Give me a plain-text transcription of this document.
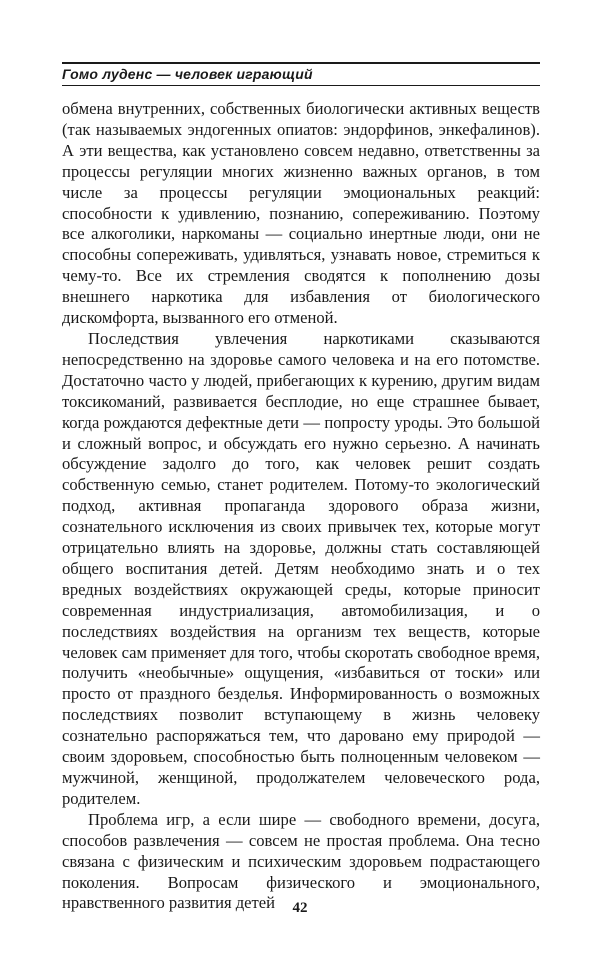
Гомо луденс — человек играющий

обмена внутренних, собственных биологически активных веществ (так называемых эндогенных опиатов: эндорфинов, энкефалинов). А эти вещества, как установлено совсем недавно, ответственны за процессы регуляции многих жизненно важных органов, в том числе за процессы регуляции эмоциональных реакций: способности к удивлению, познанию, сопереживанию. Поэтому все алкоголики, наркоманы — социально инертные люди, они не способны сопереживать, удивляться, узнавать новое, стремиться к чему-то. Все их стремления сводятся к пополнению дозы внешнего наркотика для избавления от биологического дискомфорта, вызванного его отменой.

Последствия увлечения наркотиками сказываются непосредственно на здоровье самого человека и на его потомстве. Достаточно часто у людей, прибегающих к курению, другим видам токсикоманий, развивается бесплодие, но еще страшнее бывает, когда рождаются дефектные дети — попросту уроды. Это большой и сложный вопрос, и обсуждать его нужно серьезно. А начинать обсуждение задолго до того, как человек решит создать собственную семью, станет родителем. Потому-то экологический подход, активная пропаганда здорового образа жизни, сознательного исключения из своих привычек тех, которые могут отрицательно влиять на здоровье, должны стать составляющей общего воспитания детей. Детям необходимо знать и о тех вредных воздействиях окружающей среды, которые приносит современная индустриализация, автомобилизация, и о последствиях воздействия на организм тех веществ, которые человек сам применяет для того, чтобы скоротать свободное время, получить «необычные» ощущения, «избавиться от тоски» или просто от праздного безделья. Информированность о возможных последствиях позволит вступающему в жизнь человеку сознательно распоряжаться тем, что даровано ему природой — своим здоровьем, способностью быть полноценным человеком — мужчиной, женщиной, продолжателем человеческого рода, родителем.

Проблема игр, а если шире — свободного времени, досуга, способов развлечения — совсем не простая проблема. Она тесно связана с физическим и психическим здоровьем подрастающего поколения. Вопросам физического и эмоционального, нравственного развития детей	42
